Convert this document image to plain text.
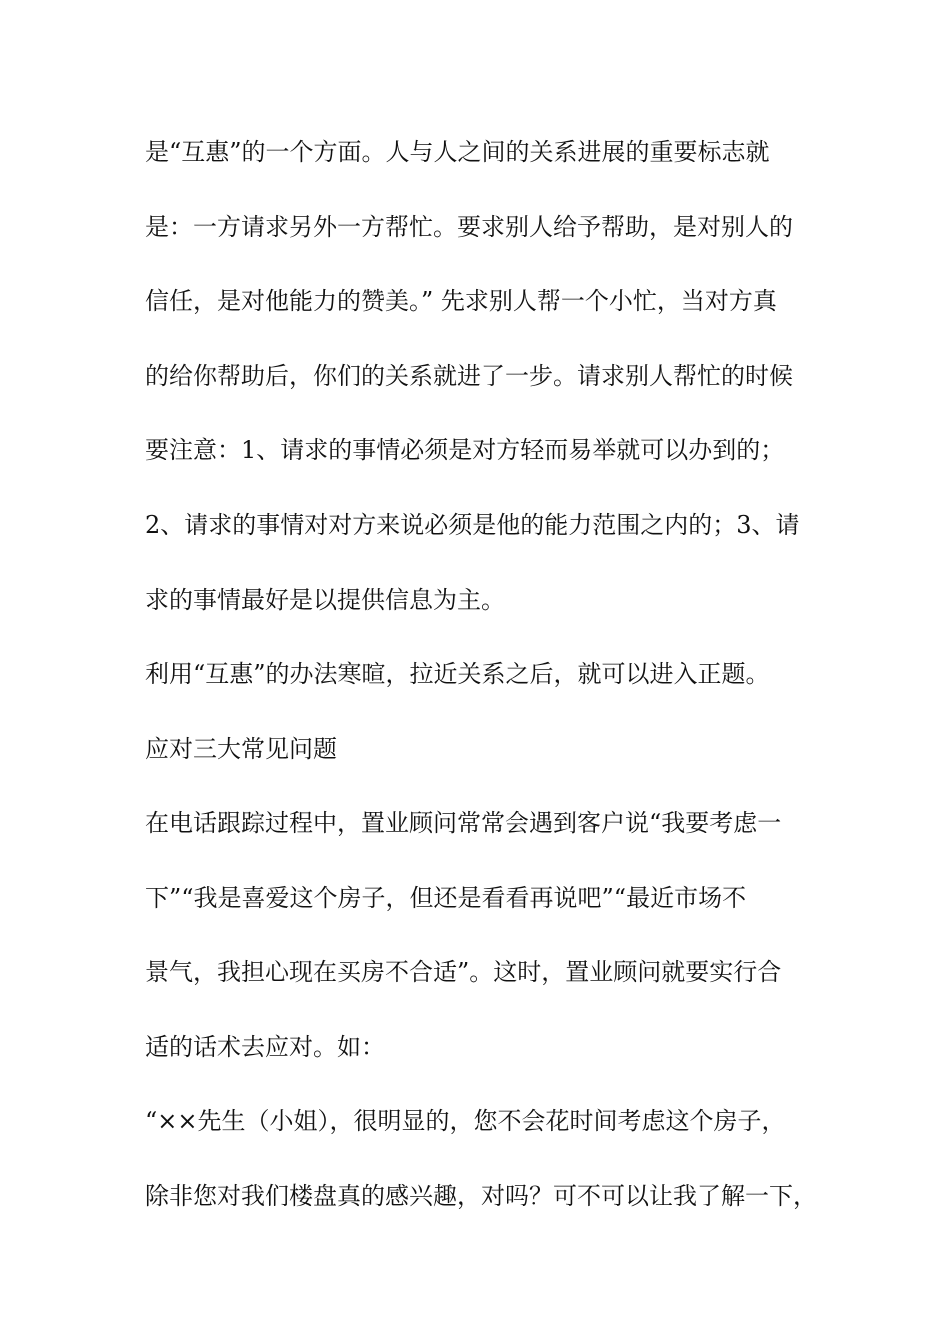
是“互惠”的一个方面。人与人之间的关系进展的重要标志就
是：一方请求另外一方帮忙。要求别人给予帮助，是对别人的
信任，是对他能力的赞美。” 先求别人帮一个小忙，当对方真
的给你帮助后，你们的关系就进了一步。请求别人帮忙的时候
要注意：1、请求的事情必须是对方轻而易举就可以办到的；
2、请求的事情对对方来说必须是他的能力范围之内的；3、请
求的事情最好是以提供信息为主。
利用“互惠”的办法寒暄，拉近关系之后，就可以进入正题。
应对三大常见问题
在电话跟踪过程中，置业顾问常常会遇到客户说“我要考虑一
下”“我是喜爱这个房子，但还是看看再说吧”“最近市场不
景气，我担心现在买房不合适”。这时，置业顾问就要实行合
适的话术去应对。如：
“××先生（小姐），很明显的，您不会花时间考虑这个房子，
除非您对我们楼盘真的感兴趣，对吗？可不可以让我了解一下，
